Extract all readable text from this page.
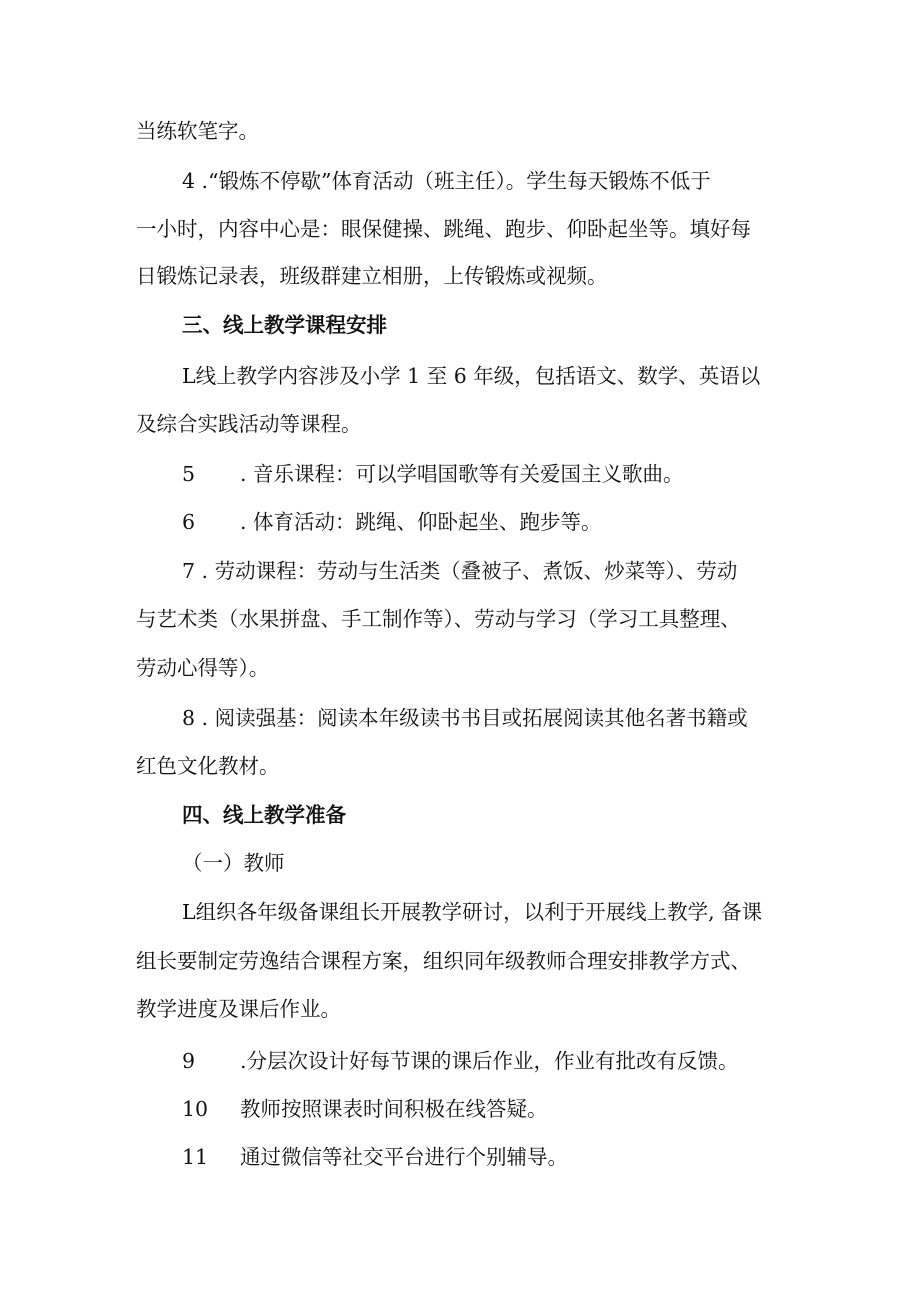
当练软笔字。
4 .“锻炼不停歇”体育活动（班主任）。学生每天锻炼不低于
一小时，内容中心是：眼保健操、跳绳、跑步、仰卧起坐等。填好每
日锻炼记录表，班级群建立相册，上传锻炼或视频。
三、线上教学课程安排
L线上教学内容涉及小学 1 至 6 年级，包括语文、数学、英语以
及综合实践活动等课程。
5 . 音乐课程：可以学唱国歌等有关爱国主义歌曲。
6 . 体育活动：跳绳、仰卧起坐、跑步等。
7 . 劳动课程：劳动与生活类（叠被子、煮饭、炒菜等）、劳动
与艺术类（水果拼盘、手工制作等）、劳动与学习（学习工具整理、
劳动心得等）。
8 . 阅读强基：阅读本年级读书书目或拓展阅读其他名著书籍或
红色文化教材。
四、线上教学准备
（一）教师
L组织各年级备课组长开展教学研讨，以利于开展线上教学, 备课
组长要制定劳逸结合课程方案，组织同年级教师合理安排教学方式、
教学进度及课后作业。
9 .分层次设计好每节课的课后作业，作业有批改有反馈。
10 教师按照课表时间积极在线答疑。
11 通过微信等社交平台进行个别辅导。
